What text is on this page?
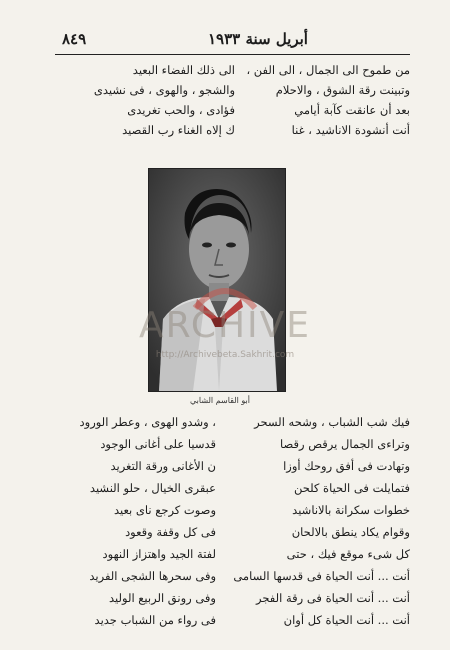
٨٤٩	أبريل سنة ١٩٣٣

من طموح الى الجمال ، الى الفن ،

وتبينت رقة الشوق ، والاحلام

بعد أن عانقت كآبة أيامي

أنت أنشودة الاناشيد ، غنا

الى ذلك الفضاء البعيد

والشجو ، والهوى ، فى نشيدى

فؤادى ، والحب تغريدى

ك إلاه الغناء رب القصيد

أبو القاسم الشابي
ARCHIVE
http://Archivebeta.Sakhrit.com
فيك شب الشباب ، وشحه السحر
، وشدو الهوى ، وعطر الورود
وتراءى الجمال يرقص رقصا
قدسيا على أغانى الوجود
وتهادت فى أفق روحك أوزا
ن الأغانى ورقة التغريد
فتمايلت فى الحياة كلحن
عبقرى الخيال ، حلو النشيد
خطوات سكرانة بالاناشيد
وصوت كرجع ناى بعيد
وقوام يكاد ينطق بالالحان
فى كل وقفة وقعود
كل شىء موقع فيك ، حتى
لفتة الجيد واهتزاز النهود
أنت ... أنت الحياة فى قدسها السامى
وفى سحرها الشجى الفريد
أنت ... أنت الحياة فى رقة الفجر
وفى رونق الربيع الوليد
أنت ... أنت الحياة كل أوان
فى رواء من الشباب جديد
